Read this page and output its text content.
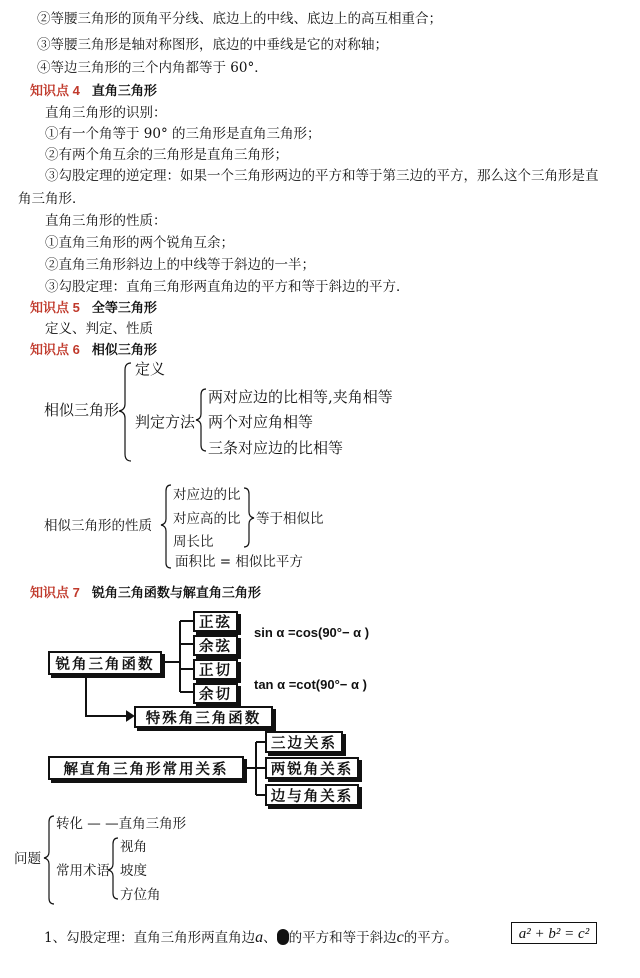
②等腰三角形的顶角平分线、底边上的中线、底边上的高互相重合；
③等腰三角形是轴对称图形，底边的中垂线是它的对称轴；
④等边三角形的三个内角都等于 60°．
知识点 4 直角三角形
直角三角形的识别：
①有一个角等于 90° 的三角形是直角三角形；
②有两个角互余的三角形是直角三角形；
③勾股定理的逆定理：如果一个三角形两边的平方和等于第三边的平方，那么这个三角形是直
角三角形．
直角三角形的性质：
①直角三角形的两个锐角互余；
②直角三角形斜边上的中线等于斜边的一半；
③勾股定理：直角三角形两直角边的平方和等于斜边的平方．
知识点 5 全等三角形
定义、判定、性质
知识点 6 相似三角形
相似三角形
定义
判定方法
两对应边的比相等,夹角相等
两个对应角相等
三条对应边的比相等
相似三角形的性质
对应边的比
对应高的比
周长比
等于相似比
面积比 = 相似比平方
知识点 7 锐角三角函数与解直角三角形
锐角三角函数
正弦
余弦
正切
余切
sin α =cos(90°− α )
tan α =cot(90°− α )
特殊角三角函数
解直角三角形常用关系
三边关系
两锐角关系
边与角关系
问题
转化 — —直角三角形
常用术语
视角
坡度
方位角
1、勾股定理：直角三角形两直角边a、 的平方和等于斜边c的平方。	a² + b² = c²
